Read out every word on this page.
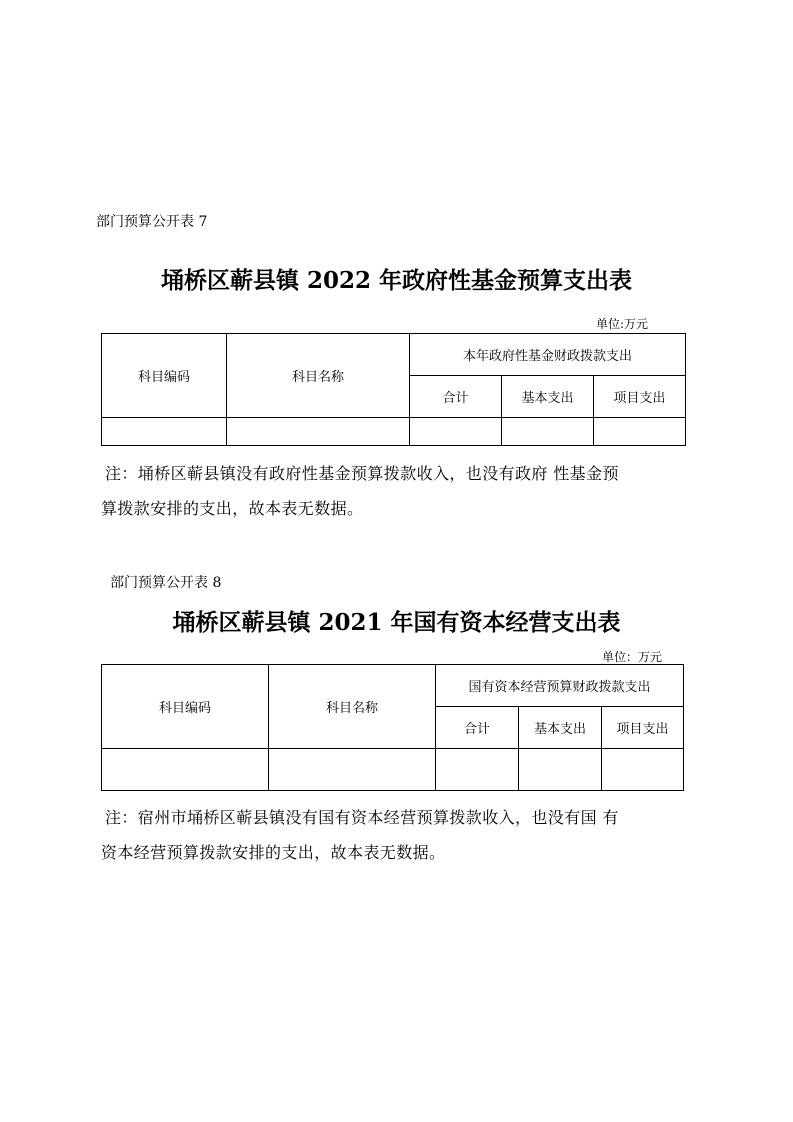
部门预算公开表 7
埇桥区蕲县镇 2022 年政府性基金预算支出表
单位:万元
科目编码	科目名称	本年政府性基金财政拨款支出		
		合计	基本支出	项目支出

注：埇桥区蕲县镇没有政府性基金预算拨款收入，也没有政府 性基金预
算拨款安排的支出，故本表无数据。
部门预算公开表 8
埇桥区蕲县镇 2021 年国有资本经营支出表
单位：万元
科目编码	科目名称	国有资本经营预算财政拨款支出		
		合计	基本支出	项目支出

注：宿州市埇桥区蕲县镇没有国有资本经营预算拨款收入，也没有国 有
资本经营预算拨款安排的支出，故本表无数据。
